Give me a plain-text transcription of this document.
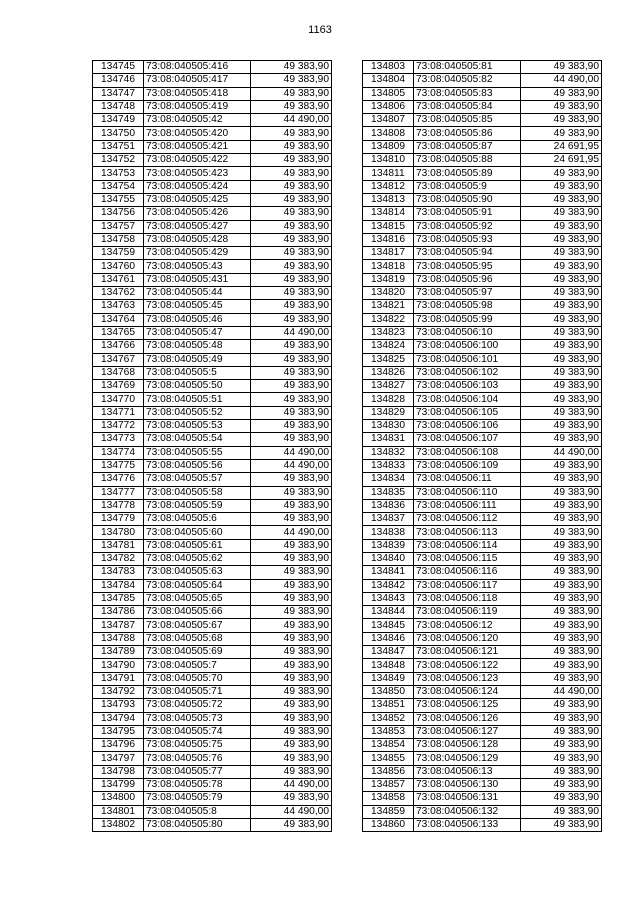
1163
134745	73:08:040505:416	49 383,90
134746	73:08:040505:417	49 383,90
134747	73:08:040505:418	49 383,90
134748	73:08:040505:419	49 383,90
134749	73:08:040505:42	44 490,00
134750	73:08:040505:420	49 383,90
134751	73:08:040505:421	49 383,90
134752	73:08:040505:422	49 383,90
134753	73:08:040505:423	49 383,90
134754	73:08:040505:424	49 383,90
134755	73:08:040505:425	49 383,90
134756	73:08:040505:426	49 383,90
134757	73:08:040505:427	49 383,90
134758	73:08:040505:428	49 383,90
134759	73:08:040505:429	49 383,90
134760	73:08:040505:43	49 383,90
134761	73:08:040505:431	49 383,90
134762	73:08:040505:44	49 383,90
134763	73:08:040505:45	49 383,90
134764	73:08:040505:46	49 383,90
134765	73:08:040505:47	44 490,00
134766	73:08:040505:48	49 383,90
134767	73:08:040505:49	49 383,90
134768	73:08:040505:5	49 383,90
134769	73:08:040505:50	49 383,90
134770	73:08:040505:51	49 383,90
134771	73:08:040505:52	49 383,90
134772	73:08:040505:53	49 383,90
134773	73:08:040505:54	49 383,90
134774	73:08:040505:55	44 490,00
134775	73:08:040505:56	44 490,00
134776	73:08:040505:57	49 383,90
134777	73:08:040505:58	49 383,90
134778	73:08:040505:59	49 383,90
134779	73:08:040505:6	49 383,90
134780	73:08:040505:60	44 490,00
134781	73:08:040505:61	49 383,90
134782	73:08:040505:62	49 383,90
134783	73:08:040505:63	49 383,90
134784	73:08:040505:64	49 383,90
134785	73:08:040505:65	49 383,90
134786	73:08:040505:66	49 383,90
134787	73:08:040505:67	49 383,90
134788	73:08:040505:68	49 383,90
134789	73:08:040505:69	49 383,90
134790	73:08:040505:7	49 383,90
134791	73:08:040505:70	49 383,90
134792	73:08:040505:71	49 383,90
134793	73:08:040505:72	49 383,90
134794	73:08:040505:73	49 383,90
134795	73:08:040505:74	49 383,90
134796	73:08:040505:75	49 383,90
134797	73:08:040505:76	49 383,90
134798	73:08:040505:77	49 383,90
134799	73:08:040505:78	44 490,00
134800	73:08:040505:79	49 383,90
134801	73:08:040505:8	44 490,00
134802	73:08:040505:80	49 383,90
134803	73:08:040505:81	49 383,90
134804	73:08:040505:82	44 490,00
134805	73:08:040505:83	49 383,90
134806	73:08:040505:84	49 383,90
134807	73:08:040505:85	49 383,90
134808	73:08:040505:86	49 383,90
134809	73:08:040505:87	24 691,95
134810	73:08:040505:88	24 691,95
134811	73:08:040505:89	49 383,90
134812	73:08:040505:9	49 383,90
134813	73:08:040505:90	49 383,90
134814	73:08:040505:91	49 383,90
134815	73:08:040505:92	49 383,90
134816	73:08:040505:93	49 383,90
134817	73:08:040505:94	49 383,90
134818	73:08:040505:95	49 383,90
134819	73:08:040505:96	49 383,90
134820	73:08:040505:97	49 383,90
134821	73:08:040505:98	49 383,90
134822	73:08:040505:99	49 383,90
134823	73:08:040506:10	49 383,90
134824	73:08:040506:100	49 383,90
134825	73:08:040506:101	49 383,90
134826	73:08:040506:102	49 383,90
134827	73:08:040506:103	49 383,90
134828	73:08:040506:104	49 383,90
134829	73:08:040506:105	49 383,90
134830	73:08:040506:106	49 383,90
134831	73:08:040506:107	49 383,90
134832	73:08:040506:108	44 490,00
134833	73:08:040506:109	49 383,90
134834	73:08:040506:11	49 383,90
134835	73:08:040506:110	49 383,90
134836	73:08:040506:111	49 383,90
134837	73:08:040506:112	49 383,90
134838	73:08:040506:113	49 383,90
134839	73:08:040506:114	49 383,90
134840	73:08:040506:115	49 383,90
134841	73:08:040506:116	49 383,90
134842	73:08:040506:117	49 383,90
134843	73:08:040506:118	49 383,90
134844	73:08:040506:119	49 383,90
134845	73:08:040506:12	49 383,90
134846	73:08:040506:120	49 383,90
134847	73:08:040506:121	49 383,90
134848	73:08:040506:122	49 383,90
134849	73:08:040506:123	49 383,90
134850	73:08:040506:124	44 490,00
134851	73:08:040506:125	49 383,90
134852	73:08:040506:126	49 383,90
134853	73:08:040506:127	49 383,90
134854	73:08:040506:128	49 383,90
134855	73:08:040506:129	49 383,90
134856	73:08:040506:13	49 383,90
134857	73:08:040506:130	49 383,90
134858	73:08:040506:131	49 383,90
134859	73:08:040506:132	49 383,90
134860	73:08:040506:133	49 383,90
